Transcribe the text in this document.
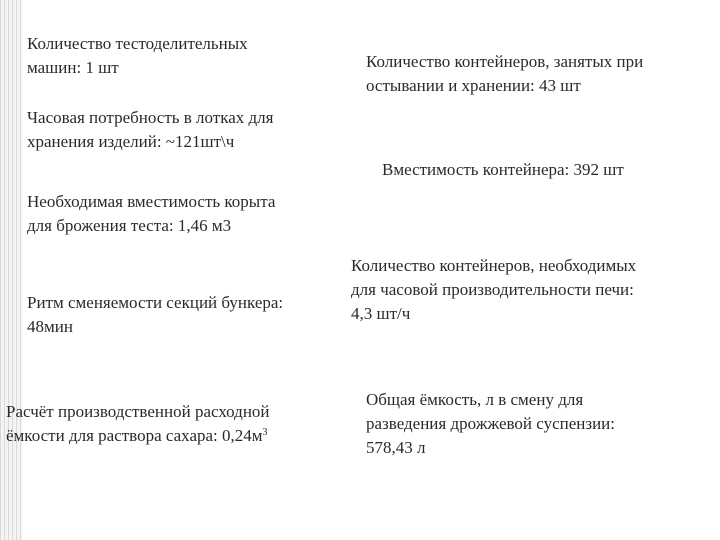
Количество тестоделительных
машин: 1 шт
Часовая потребность в лотках для
хранения изделий: ~121шт\ч
Необходимая вместимость корыта
для брожения теста: 1,46 м3
Ритм сменяемости секций бункера:
48мин
Расчёт производственной расходной
ёмкости для раствора сахара: $0,24м^3$
Количество контейнеров, занятых при
остывании и хранении: 43 шт
Вместимость контейнера: 392 шт
Количество контейнеров, необходимых
для часовой производительности печи:
4,3 шт/ч
Общая ёмкость, л в смену для
разведения дрожжевой суспензии:
578,43 л
